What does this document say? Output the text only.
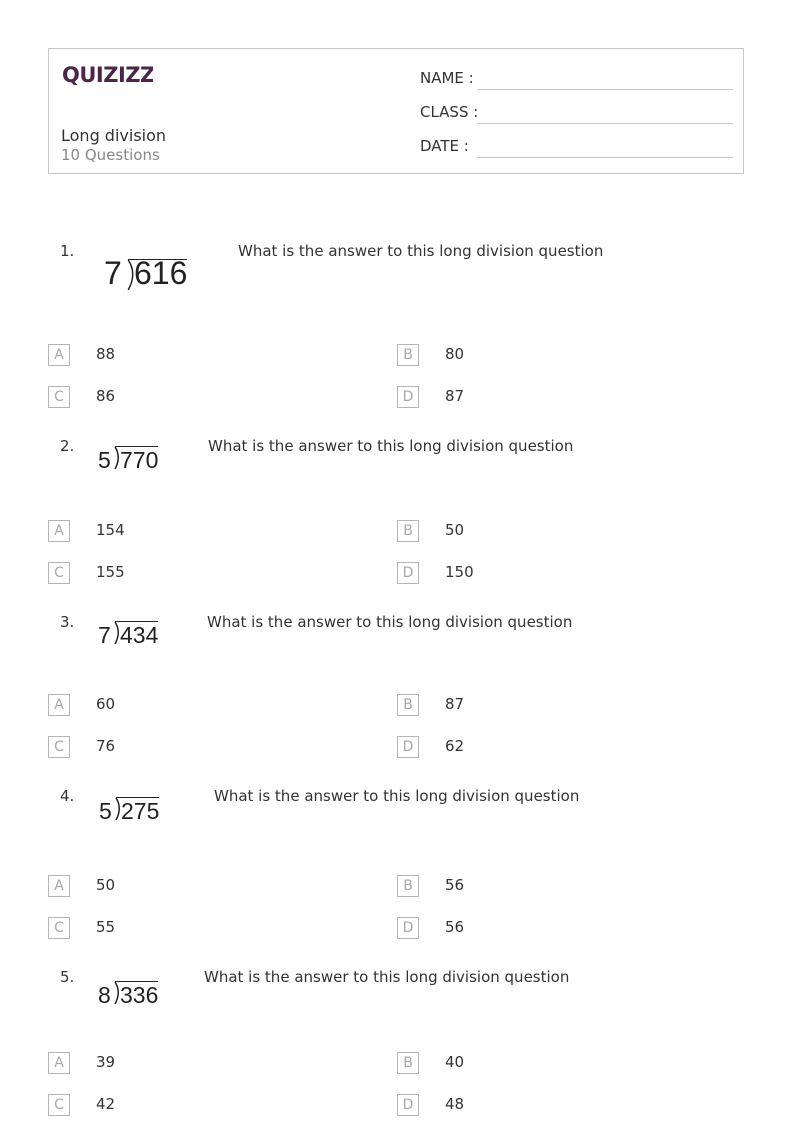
QUIZIZZ
Long division
10 Questions
NAME :
CLASS :
DATE :
1.
7 616
What is the answer to this long division question
A	88	B	80
C	86	D	87
2.
5 770
What is the answer to this long division question
A	154	B	50
C	155	D	150
3. 7 434	What is the answer to this long division question
A	60	B	87
C	76	D	62
4.
5 275
What is the answer to this long division question
A	50	B	56
C	55	D	56
5.
8 336
What is the answer to this long division question
A	39	B	40
C	42	D	48
